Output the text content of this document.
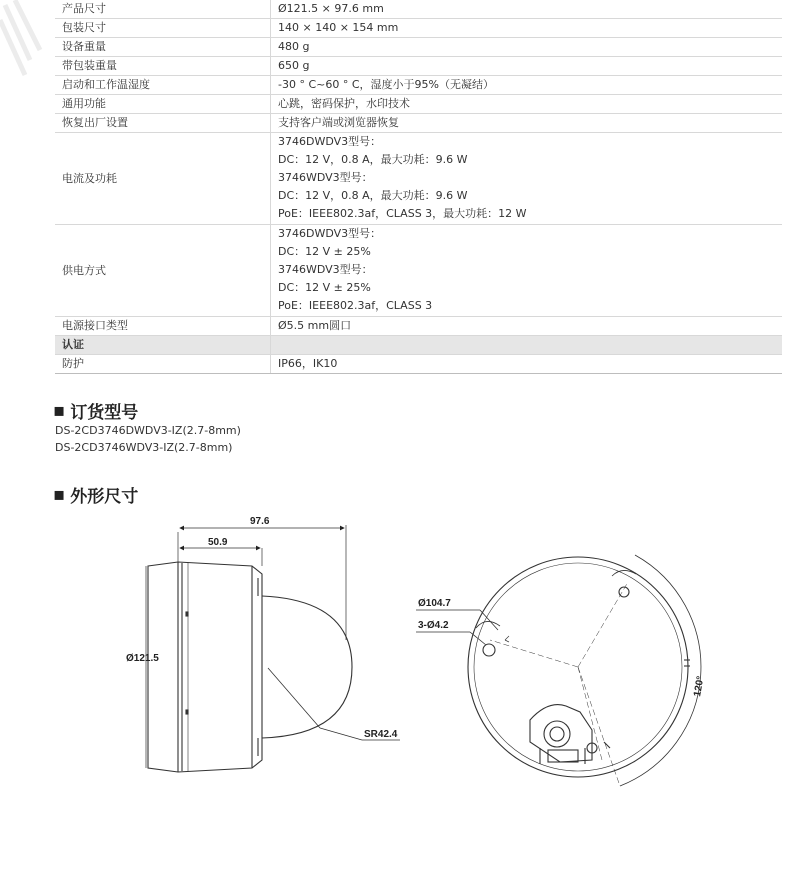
产品尺寸	Ø121.5 × 97.6 mm
包装尺寸	140 × 140 × 154 mm
设备重量	480 g
带包装重量	650 g
启动和工作温湿度	-30 ° C~60 ° C，湿度小于95%（无凝结）
通用功能	心跳，密码保护，水印技术
恢复出厂设置	支持客户端或浏览器恢复
电流及功耗	3746DWDV3型号：
DC：12 V，0.8 A，最大功耗：9.6 W
3746WDV3型号：
DC：12 V，0.8 A，最大功耗：9.6 W
PoE：IEEE802.3af，CLASS 3，最大功耗：12 W

供电方式	3746DWDV3型号：
DC：12 V ± 25%
3746WDV3型号：
DC：12 V ± 25%
PoE：IEEE802.3af，CLASS 3

电源接口类型	Ø5.5 mm圆口
认证	
防护	IP66，IK10
▪ 订货型号
DS-2CD3746DWDV3-IZ(2.7-8mm)
DS-2CD3746WDV3-IZ(2.7-8mm)
▪ 外形尺寸
97.6
50.9
Ø121.5
SR42.4
Ø104.7
3-Ø4.2
120°
